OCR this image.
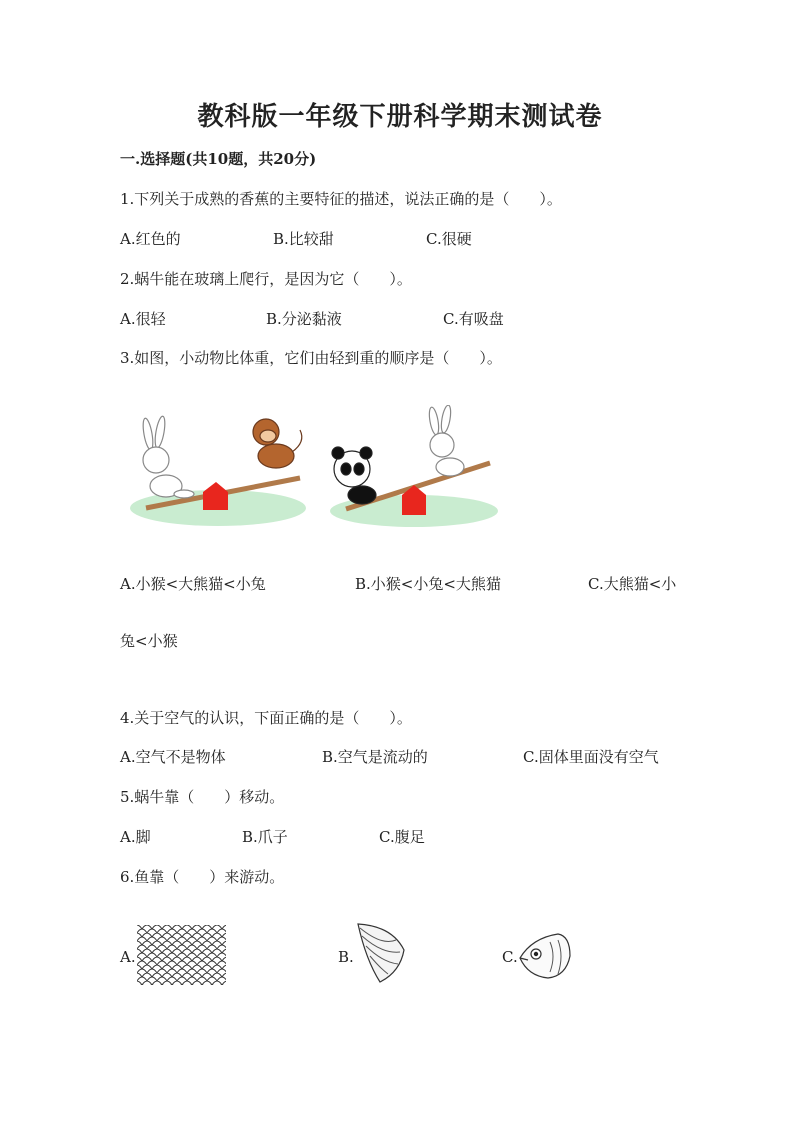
教科版一年级下册科学期末测试卷
一.选择题(共10题，共20分)
1.下列关于成熟的香蕉的主要特征的描述，说法正确的是（　　）。
A.红色的	B.比较甜	C.很硬
2.蜗牛能在玻璃上爬行，是因为它（　　）。
A.很轻	B.分泌黏液	C.有吸盘
3.如图，小动物比体重，它们由轻到重的顺序是（　　）。
A.小猴<大熊猫<小兔	B.小猴<小兔<大熊猫	C.大熊猫<小
兔<小猴
4.关于空气的认识，下面正确的是（　　）。
A.空气不是物体	B.空气是流动的	C.固体里面没有空气
5.蜗牛靠（　　）移动。
A.脚	B.爪子	C.腹足
6.鱼靠（　　）来游动。
A.	B.	C.
